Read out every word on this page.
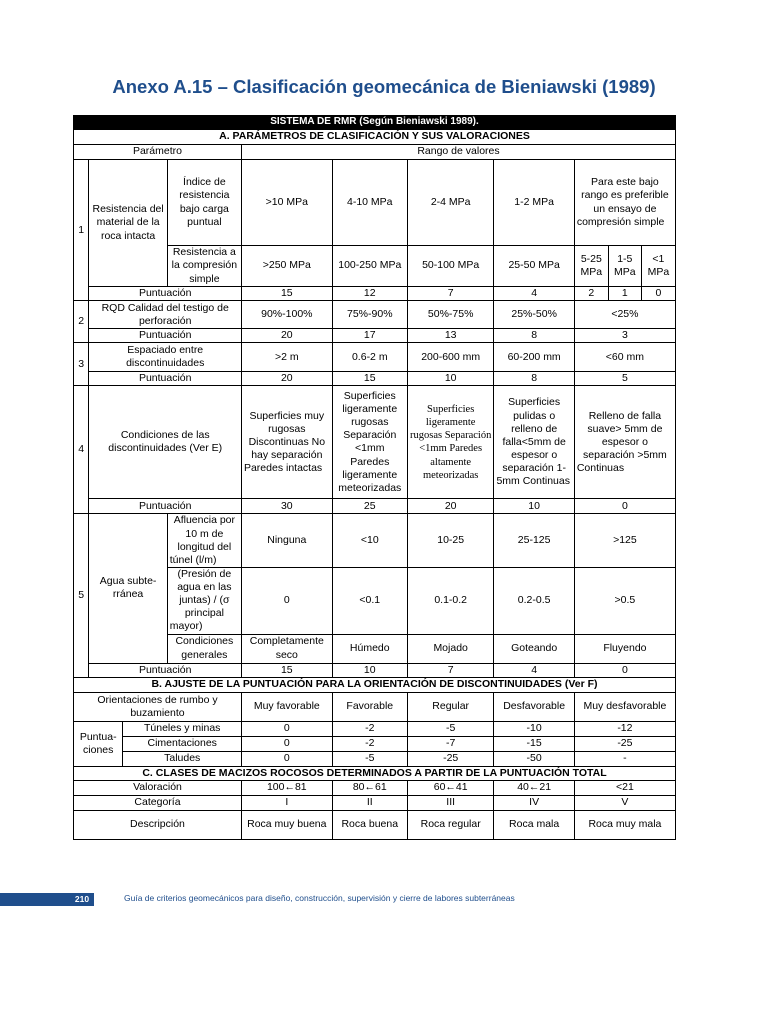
Anexo A.15 – Clasificación geomecánica de Bieniawski (1989)
SISTEMA DE RMR (Según Bieniawski 1989).										
A. PARÁMETROS DE CLASIFICACIÓN Y SUS VALORACIONES										
Parámetro				Rango de valores						
1	Resistencia del material de la roca intacta		Índice de resistencia bajo carga puntual	>10 MPa	4-10 MPa	2-4 MPa	1-2 MPa	Para este bajo rango es preferible un ensayo de compresión simple		
			Resistencia a la compresión simple	>250 MPa	100-250 MPa	50-100 MPa	25-50 MPa	5-25 MPa	1-5 MPa	<1 MPa
	Puntuación			15	12	7	4	2	1	0
2	RQD Calidad del testigo de perforación			90%-100%	75%-90%	50%-75%	25%-50%	<25%		
	Puntuación			20	17	13	8	3		
3	Espaciado entre discontinuidades			>2 m	0.6-2 m	200-600 mm	60-200 mm	<60 mm		
	Puntuación			20	15	10	8	5		
4	Condiciones de las discontinuidades (Ver E)			Superficies muy rugosas Discontinuas No hay separación Paredes intactas	Superficies ligeramente rugosas Separación <1mm Paredes ligeramente meteorizadas	Superficies ligeramente rugosas Separación <1mm Paredes altamente meteorizadas	Superficies pulidas o relleno de falla<5mm de espesor o separación 1-5mm Continuas	Relleno de falla suave> 5mm de espesor o separación >5mm Continuas		
	Puntuación			30	25	20	10	0		
5	Agua subte-rránea		Afluencia por 10 m de longitud del túnel (l/m)	Ninguna	<10	10-25	25-125	>125		
			(Presión de agua en las juntas) / (σ principal mayor)	0	<0.1	0.1-0.2	0.2-0.5	>0.5		
			Condiciones generales	Completamente seco	Húmedo	Mojado	Goteando	Fluyendo		
	Puntuación			15	10	7	4	0		
B. AJUSTE DE LA PUNTUACIÓN PARA LA ORIENTACIÓN DE DISCONTINUIDADES (Ver F)										
Orientaciones de rumbo y buzamiento				Muy favorable	Favorable	Regular	Desfavorable	Muy desfavorable		
Puntua-ciones		Túneles y minas		0	-2	-5	-10	-12		
		Cimentaciones		0	-2	-7	-15	-25		
		Taludes		0	-5	-25	-50	-		
C. CLASES DE MACIZOS ROCOSOS DETERMINADOS A PARTIR DE LA PUNTUACIÓN TOTAL										
Valoración				100←81	80←61	60←41	40←21	<21		
Categoría				I	II	III	IV	V		
Descripción				Roca muy buena	Roca buena	Roca regular	Roca mala	Roca muy mala		
210	Guía de criterios geomecánicos para diseño, construcción, supervisión y cierre de labores subterráneas
